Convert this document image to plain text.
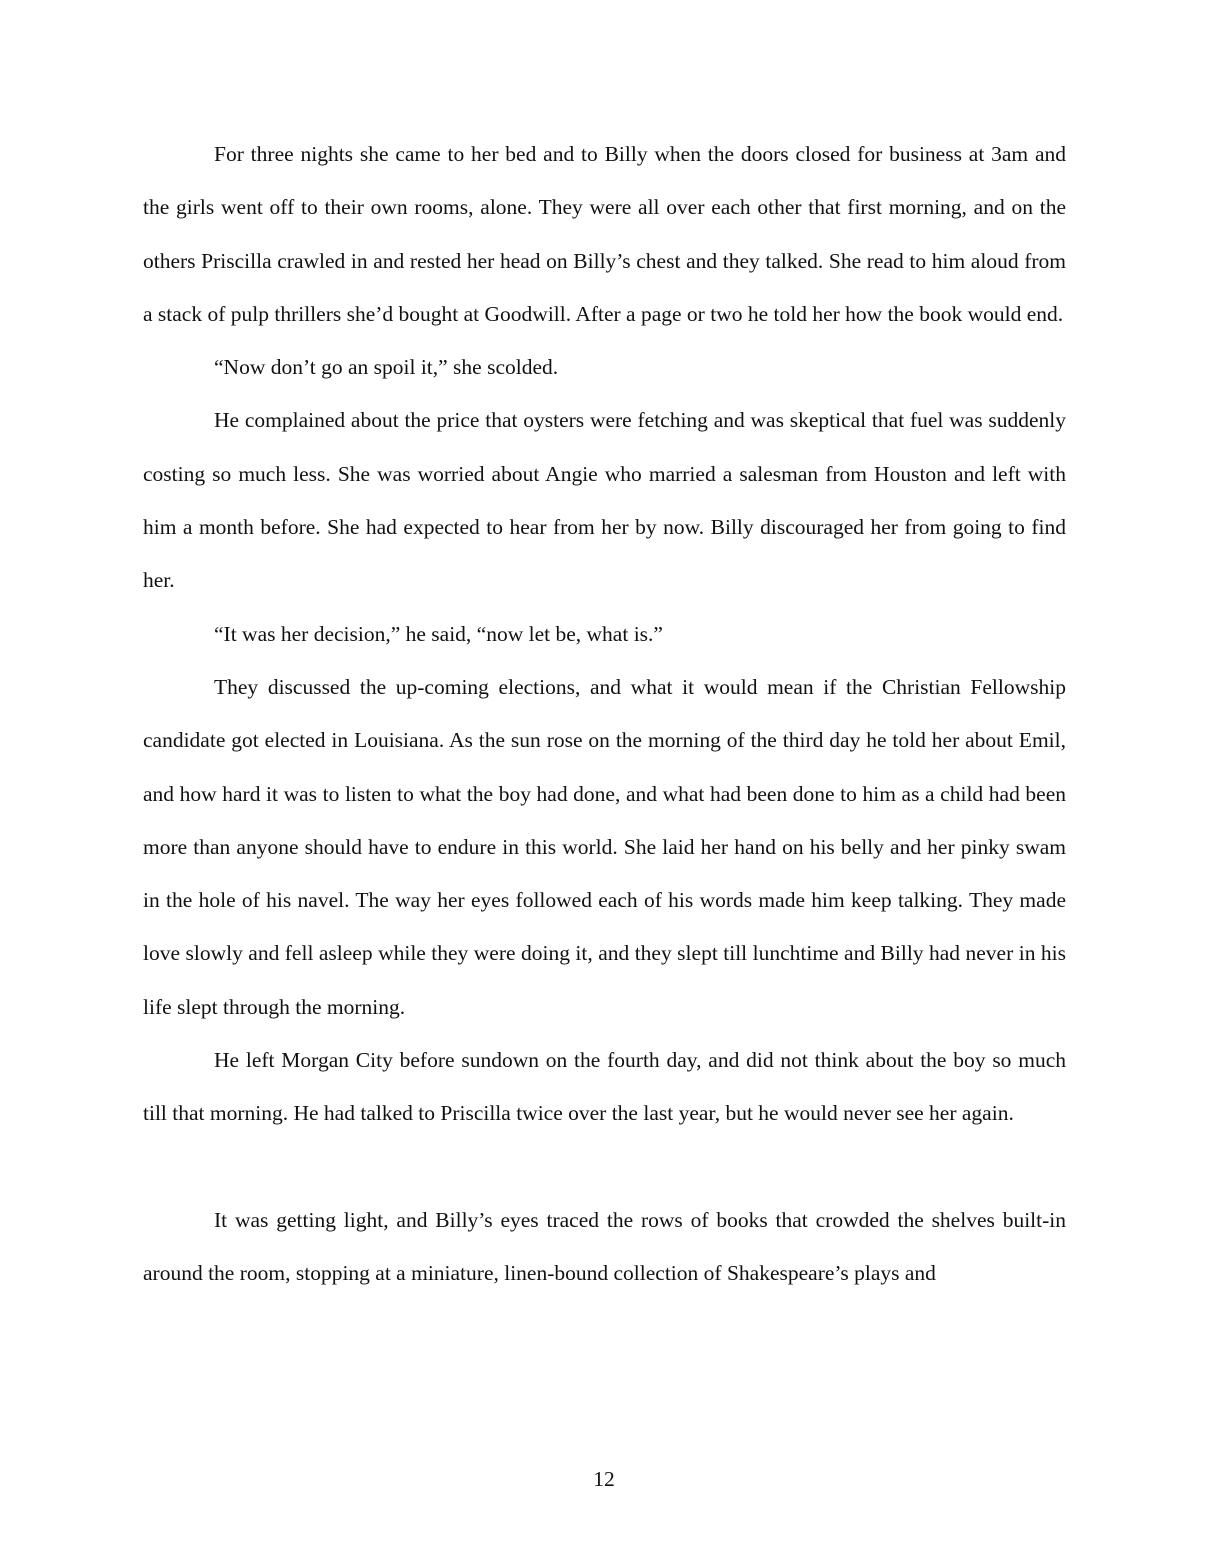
For three nights she came to her bed and to Billy when the doors closed for business at 3am and the girls went off to their own rooms, alone. They were all over each other that first morning, and on the others Priscilla crawled in and rested her head on Billy’s chest and they talked. She read to him aloud from a stack of pulp thrillers she’d bought at Goodwill. After a page or two he told her how the book would end.

“Now don’t go an spoil it,” she scolded.

He complained about the price that oysters were fetching and was skeptical that fuel was suddenly costing so much less. She was worried about Angie who married a salesman from Houston and left with him a month before. She had expected to hear from her by now. Billy discouraged her from going to find her.

“It was her decision,” he said, “now let be, what is.”

They discussed the up-coming elections, and what it would mean if the Christian Fellowship candidate got elected in Louisiana. As the sun rose on the morning of the third day he told her about Emil, and how hard it was to listen to what the boy had done, and what had been done to him as a child had been more than anyone should have to endure in this world. She laid her hand on his belly and her pinky swam in the hole of his navel. The way her eyes followed each of his words made him keep talking. They made love slowly and fell asleep while they were doing it, and they slept till lunchtime and Billy had never in his life slept through the morning.

He left Morgan City before sundown on the fourth day, and did not think about the boy so much till that morning. He had talked to Priscilla twice over the last year, but he would never see her again.

It was getting light, and Billy’s eyes traced the rows of books that crowded the shelves built-in around the room, stopping at a miniature, linen-bound collection of Shakespeare’s plays and

12
